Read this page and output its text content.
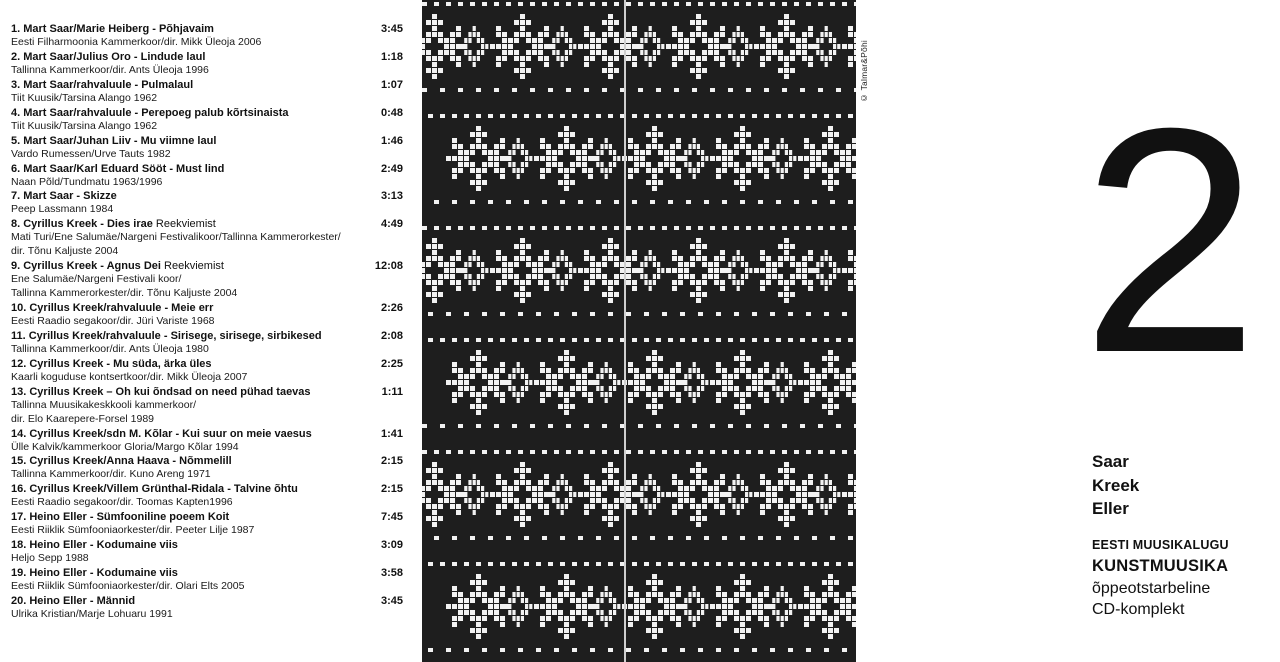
1. Mart Saar/Marie Heiberg - Põhjavaim	3:45
Eesti Filharmoonia Kammerkoor/dir. Mikk Üleoja 2006
2. Mart Saar/Julius Oro - Lindude laul	1:18
Tallinna Kammerkoor/dir. Ants Üleoja 1996
3. Mart Saar/rahvaluule - Pulmalaul	1:07
Tiit Kuusik/Tarsina Alango 1962
4. Mart Saar/rahvaluule - Perepoeg palub kõrtsinaista	0:48
Tiit Kuusik/Tarsina Alango 1962
5. Mart Saar/Juhan Liiv - Mu viimne laul	1:46
Vardo Rumessen/Urve Tauts 1982
6. Mart Saar/Karl Eduard Sööt - Must lind	2:49
Naan Põld/Tundmatu 1963/1996
7. Mart Saar - Skizze	3:13
Peep Lassmann 1984
8. Cyrillus Kreek - Dies irae Reekviemist	4:49
Mati Turi/Ene Salumäe/Nargeni Festivalikoor/Tallinna Kammerorkester/
dir. Tõnu Kaljuste 2004
9. Cyrillus Kreek - Agnus Dei Reekviemist	12:08
Ene Salumäe/Nargeni Festivali koor/
Tallinna Kammerorkester/dir. Tõnu Kaljuste 2004
10. Cyrillus Kreek/rahvaluule - Meie err	2:26
Eesti Raadio segakoor/dir. Jüri Variste 1968
11. Cyrillus Kreek/rahvaluule - Sirisege, sirisege, sirbikesed	2:08
Tallinna Kammerkoor/dir. Ants Üleoja 1980
12. Cyrillus Kreek - Mu süda, ärka üles	2:25
Kaarli koguduse kontsertkoor/dir. Mikk Üleoja 2007
13. Cyrillus Kreek – Oh kui õndsad on need pühad taevas	1:11
Tallinna Muusikakeskkooli kammerkoor/
dir. Elo Kaarepere-Forsel 1989
14. Cyrillus Kreek/sdn M. Kõlar - Kui suur on meie vaesus	1:41
Ülle Kalvik/kammerkoor Gloria/Margo Kõlar 1994
15. Cyrillus Kreek/Anna Haava - Nõmmelill	2:15
Tallinna Kammerkoor/dir. Kuno Areng 1971
16. Cyrillus Kreek/Villem Grünthal-Ridala - Talvine õhtu	2:15
Eesti Raadio segakoor/dir. Toomas Kapten1996
17. Heino Eller - Sümfooniline poeem Koit	7:45
Eesti Riiklik Sümfooniaorkester/dir. Peeter Lilje 1987
18. Heino Eller - Kodumaine viis	3:09
Heljo Sepp 1988
19. Heino Eller - Kodumaine viis	3:58
Eesti Riiklik Sümfooniaorkester/dir. Olari Elts 2005
20. Heino Eller - Männid	3:45
Ulrika Kristian/Marje Lohuaru 1991
© Talmar&Põhi 2
Saar
Kreek
Eller
EESTI MUUSIKALUGU
KUNSTMUUSIKA
õppeotstarbeline
CD-komplekt
